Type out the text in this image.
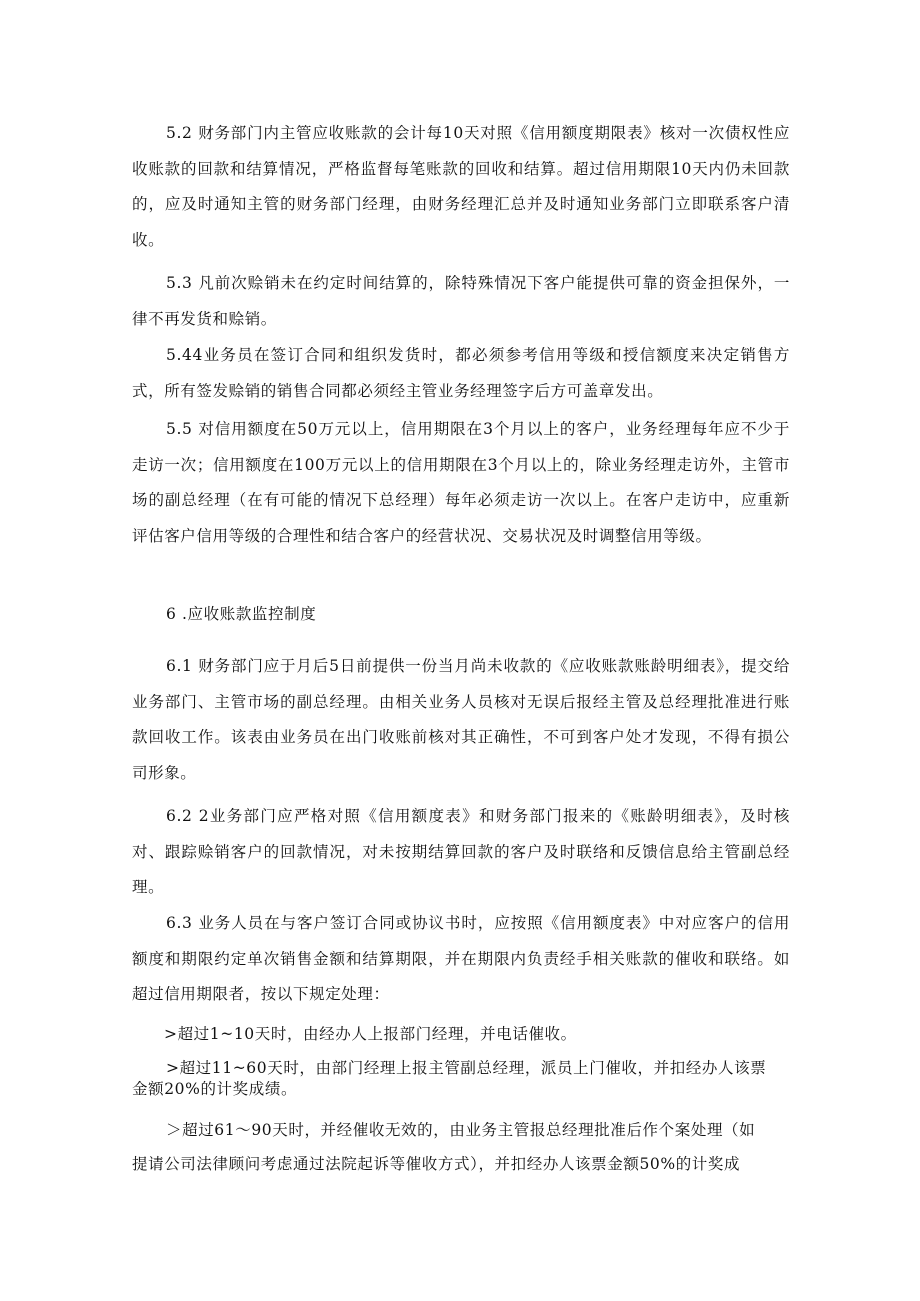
5.2 财务部门内主管应收账款的会计每10天对照《信用额度期限表》核对一次债权性应收账款的回款和结算情况，严格监督每笔账款的回收和结算。超过信用期限10天内仍未回款的，应及时通知主管的财务部门经理，由财务经理汇总并及时通知业务部门立即联系客户清收。
5.3 凡前次赊销未在约定时间结算的，除特殊情况下客户能提供可靠的资金担保外，一律不再发货和赊销。
5.44业务员在签订合同和组织发货时，都必须参考信用等级和授信额度来决定销售方式，所有签发赊销的销售合同都必须经主管业务经理签字后方可盖章发出。
5.5 对信用额度在50万元以上，信用期限在3个月以上的客户，业务经理每年应不少于走访一次；信用额度在100万元以上的信用期限在3个月以上的，除业务经理走访外，主管市场的副总经理（在有可能的情况下总经理）每年必须走访一次以上。在客户走访中，应重新评估客户信用等级的合理性和结合客户的经营状况、交易状况及时调整信用等级。
6 .应收账款监控制度
6.1 财务部门应于月后5日前提供一份当月尚未收款的《应收账款账龄明细表》，提交给业务部门、主管市场的副总经理。由相关业务人员核对无误后报经主管及总经理批准进行账款回收工作。该表由业务员在出门收账前核对其正确性，不可到客户处才发现，不得有损公司形象。
6.2 2业务部门应严格对照《信用额度表》和财务部门报来的《账龄明细表》，及时核对、跟踪赊销客户的回款情况，对未按期结算回款的客户及时联络和反馈信息给主管副总经理。
6.3 业务人员在与客户签订合同或协议书时，应按照《信用额度表》中对应客户的信用额度和期限约定单次销售金额和结算期限，并在期限内负责经手相关账款的催收和联络。如超过信用期限者，按以下规定处理：
>超过1~10天时，由经办人上报部门经理，并电话催收。
>超过11~60天时，由部门经理上报主管副总经理，派员上门催收，并扣经办人该票
金额20%的计奖成绩。
＞超过61～90天时，并经催收无效的，由业务主管报总经理批准后作个案处理（如
提请公司法律顾问考虑通过法院起诉等催收方式），并扣经办人该票金额50%的计奖成
